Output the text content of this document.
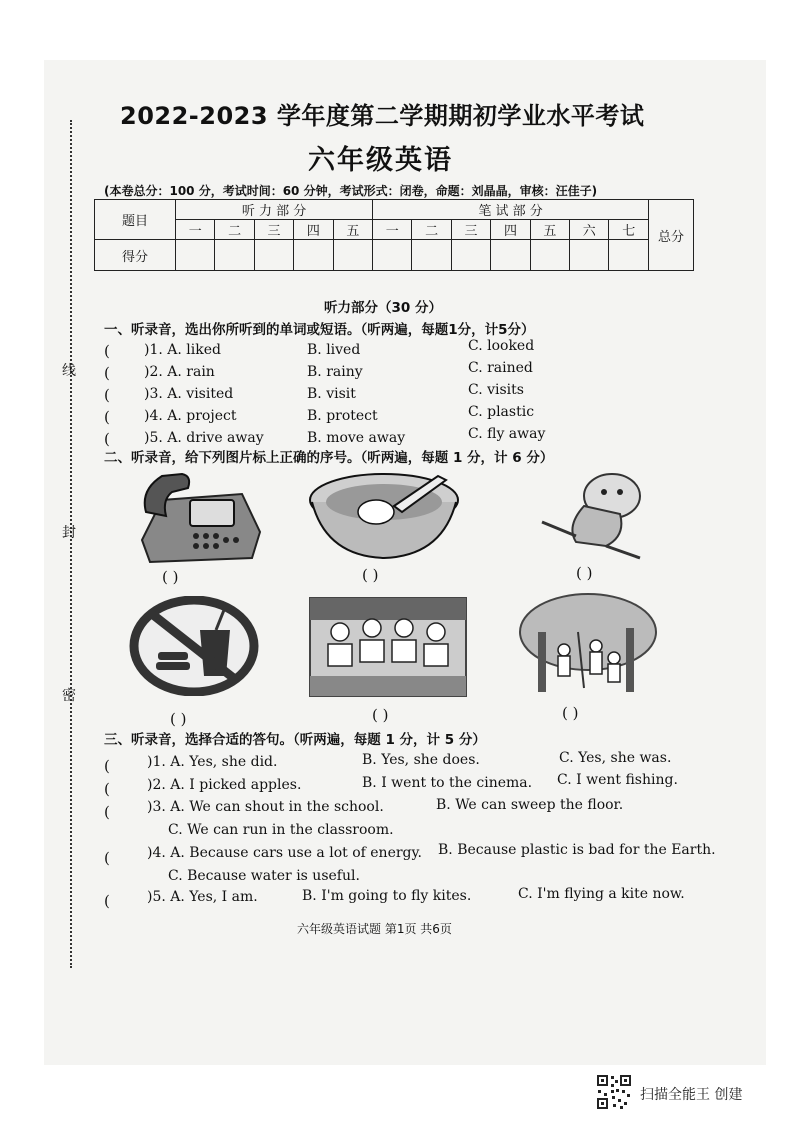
线
封
密
2022-2023 学年度第二学期期初学业水平考试
六年级英语
(本卷总分：100 分，考试时间：60 分钟，考试形式：闭卷，命题：刘晶晶，审核：汪佳子)
题目	听 力 部 分					笔 试 部 分							总分
	一	二	三	四	五	一	二	三	四	五	六	七	
得分													
听力部分（30 分）
一、听录音，选出你所听到的单词或短语。（听两遍，每题1分，计5分）
( )1. A. liked	B. lived	C. looked
( )2. A. rain	B. rainy	C. rained
( )3. A. visited	B. visit	C. visits
( )4. A. project	B. protect	C. plastic
( )5. A. drive away	B. move away	C. fly away
二、听录音，给下列图片标上正确的序号。（听两遍，每题 1 分，计 6 分）
( )	( )	( )
( )	( )	( )
三、听录音，选择合适的答句。（听两遍，每题 1 分，计 5 分）
(	)1. A. Yes, she did.	B. Yes, she does.	C. Yes, she was.
(	)2. A. I picked apples.	B. I went to the cinema. C. I went fishing.
(	)3. A. We can shout in the school.	B. We can sweep the floor.
C. We can run in the classroom.
(	)4. A. Because cars use a lot of energy. B. Because plastic is bad for the Earth.
C. Because water is useful.
(	)5. A. Yes, I am.	B. I'm going to fly kites.	C. I'm flying a kite now.
六年级英语试题 第1页 共6页
扫描全能王 创建
